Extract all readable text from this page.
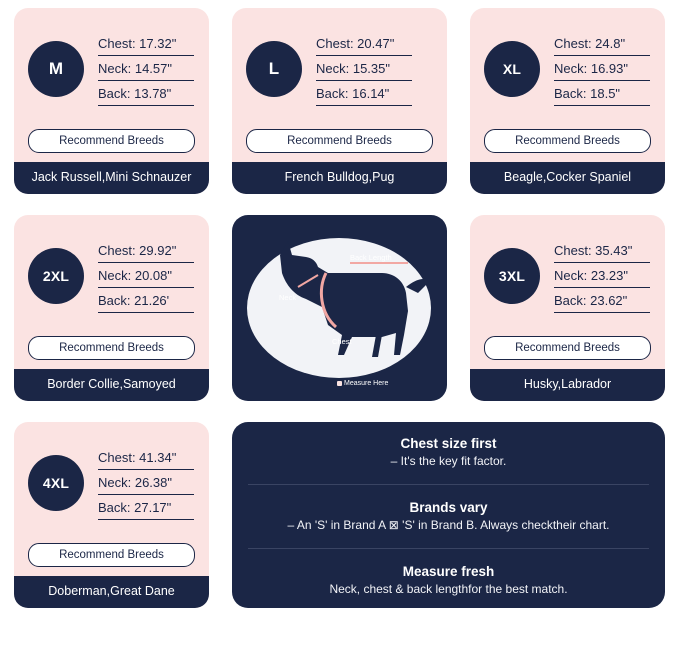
M
Chest: 17.32"
Neck: 14.57"
Back: 13.78"
Recommend Breeds
Jack Russell,Mini Schnauzer
L
Chest: 20.47"
Neck: 15.35"
Back: 16.14"
Recommend Breeds
French Bulldog,Pug
XL
Chest: 24.8"
Neck: 16.93"
Back: 18.5"
Recommend Breeds
Beagle,Cocker Spaniel
2XL
Chest: 29.92"
Neck: 20.08"
Back: 21.26'
Recommend Breeds
Border Collie,Samoyed
Back Length
Neck
Chest
Measure Here
3XL
Chest: 35.43"
Neck: 23.23"
Back: 23.62"
Recommend Breeds
Husky,Labrador
4XL
Chest: 41.34"
Neck: 26.38"
Back: 27.17"
Recommend Breeds
Doberman,Great Dane
Chest size first
– It's the key fit factor.
Brands vary
– An 'S' in Brand A ⊠ 'S' in Brand B. Always checktheir chart.
Measure fresh
Neck, chest & back lengthfor the best match.
